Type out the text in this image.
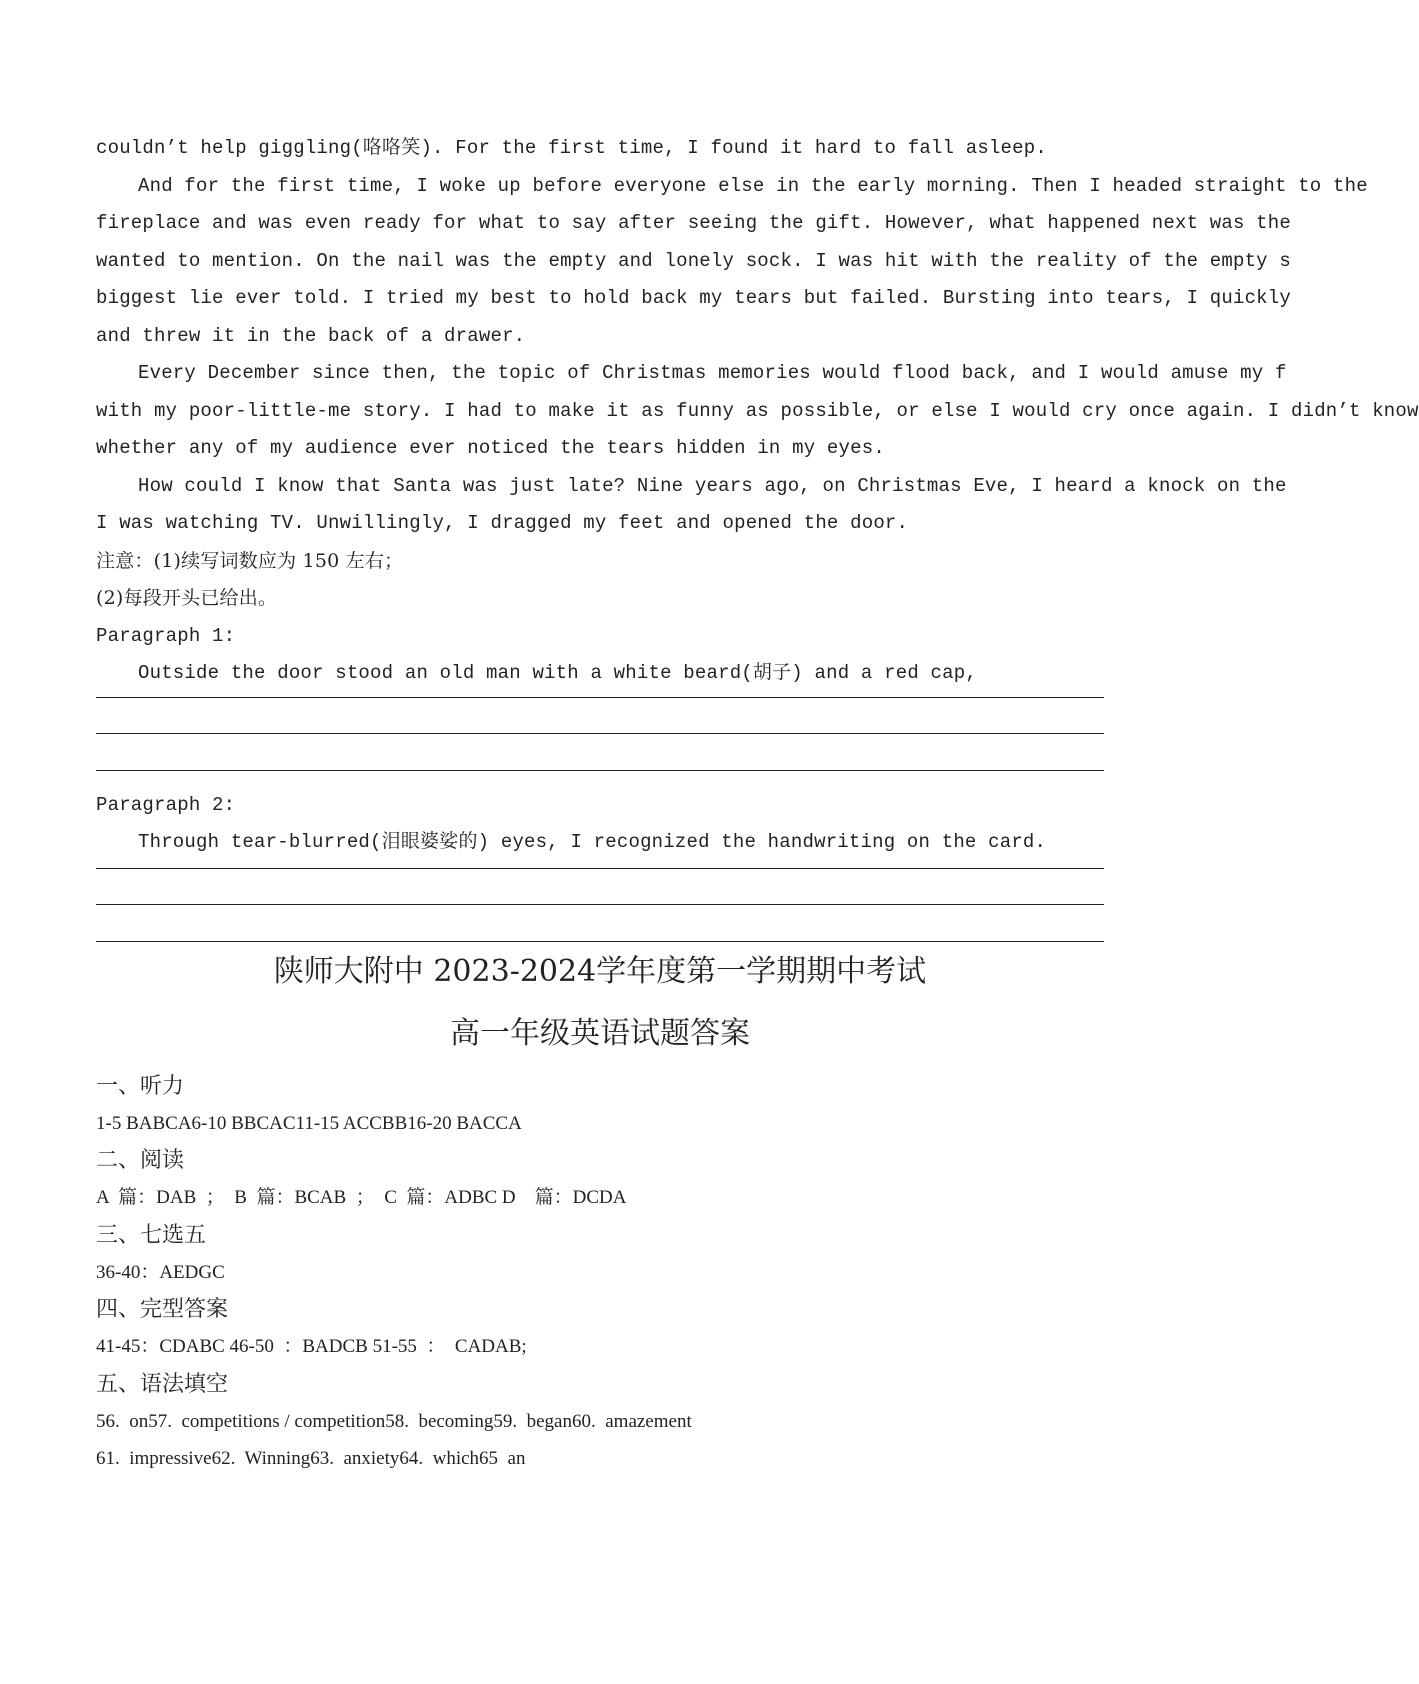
couldn’t help giggling(咯咯笑). For the first time, I found it hard to fall asleep.
And for the first time, I woke up before everyone else in the early morning. Then I headed straight to the
fireplace and was even ready for what to say after seeing the gift. However, what happened next was the
wanted to mention. On the nail was the empty and lonely sock. I was hit with the reality of the empty s
biggest lie ever told. I tried my best to hold back my tears but failed. Bursting into tears, I quickly
and threw it in the back of a drawer.
Every December since then, the topic of Christmas memories would flood back, and I would amuse my f
with my poor-little-me story. I had to make it as funny as possible, or else I would cry once again. I didn’t know
whether any of my audience ever noticed the tears hidden in my eyes.
How could I know that Santa was just late? Nine years ago, on Christmas Eve, I heard a knock on the
I was watching TV. Unwillingly, I dragged my feet and opened the door.
注意：(1)续写词数应为 150 左右；
(2)每段开头已给出。
Paragraph 1:
Outside the door stood an old man with a white beard(胡子) and a red cap,
Paragraph 2:
Through tear-blurred(泪眼婆娑的) eyes, I recognized the handwriting on the card.
陕师大附中 2023-2024学年度第一学期期中考试
高一年级英语试题答案
一、听力
1-5 BABCA6-10 BBCAC11-15 ACCBB16-20 BACCA
二、阅读
A  篇：DAB  ；  B  篇：BCAB  ；  C  篇：ADBC D    篇：DCDA
三、七选五
36-40：AEDGC
四、完型答案
41-45：CDABC 46-50  ：BADCB 51-55  ：  CADAB;
五、语法填空
56.  on57.  competitions / competition58.  becoming59.  began60.  amazement
61.  impressive62.  Winning63.  anxiety64.  which65  an
